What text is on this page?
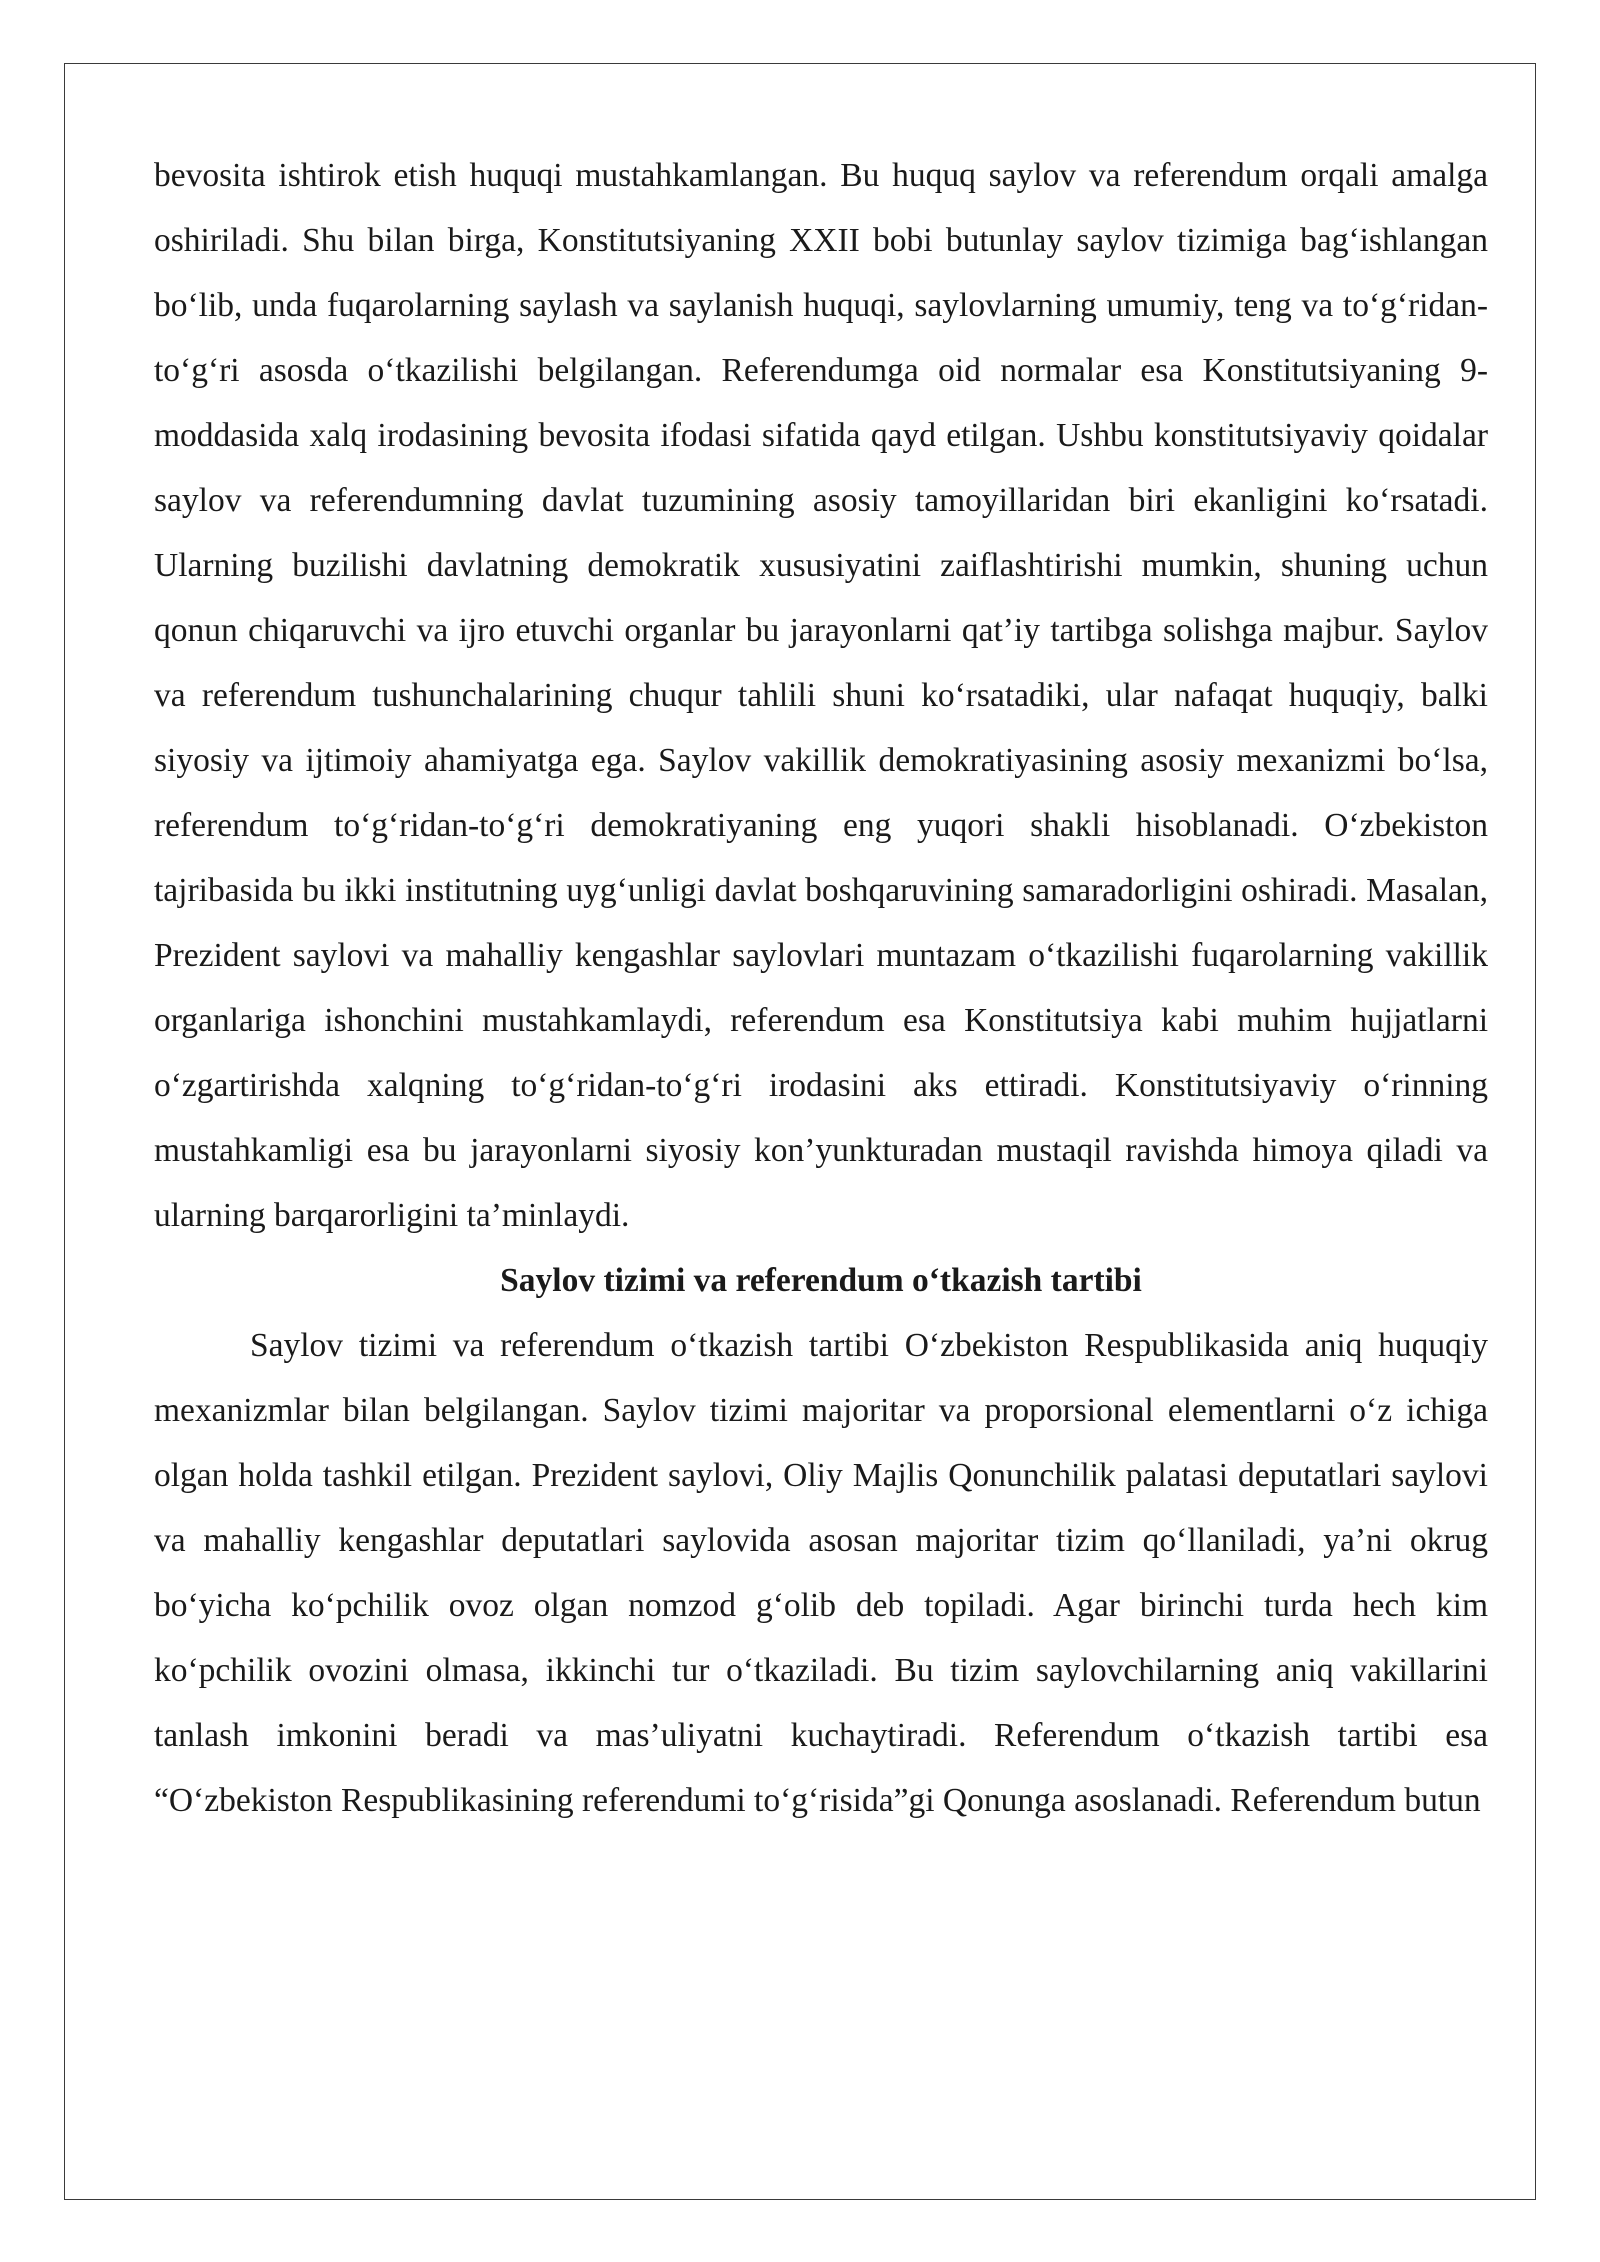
bevosita ishtirok etish huquqi mustahkamlangan. Bu huquq saylov va referendum orqali amalga oshiriladi. Shu bilan birga, Konstitutsiyaning XXII bobi butunlay saylov tizimiga bag‘ishlangan bo‘lib, unda fuqarolarning saylash va saylanish huquqi, saylovlarning umumiy, teng va to‘g‘ridan-to‘g‘ri asosda o‘tkazilishi belgilangan. Referendumga oid normalar esa Konstitutsiyaning 9-moddasida xalq irodasining bevosita ifodasi sifatida qayd etilgan. Ushbu konstitutsiyaviy qoidalar saylov va referendumning davlat tuzumining asosiy tamoyillaridan biri ekanligini ko‘rsatadi. Ularning buzilishi davlatning demokratik xususiyatini zaiflashtirishi mumkin, shuning uchun qonun chiqaruvchi va ijro etuvchi organlar bu jarayonlarni qat’iy tartibga solishga majbur. Saylov va referendum tushunchalarining chuqur tahlili shuni ko‘rsatadiki, ular nafaqat huquqiy, balki siyosiy va ijtimoiy ahamiyatga ega. Saylov vakillik demokratiyasining asosiy mexanizmi bo‘lsa, referendum to‘g‘ridan-to‘g‘ri demokratiyaning eng yuqori shakli hisoblanadi. O‘zbekiston tajribasida bu ikki institutning uyg‘unligi davlat boshqaruvining samaradorligini oshiradi. Masalan, Prezident saylovi va mahalliy kengashlar saylovlari muntazam o‘tkazilishi fuqarolarning vakillik organlariga ishonchini mustahkamlaydi, referendum esa Konstitutsiya kabi muhim hujjatlarni o‘zgartirishda xalqning to‘g‘ridan-to‘g‘ri irodasini aks ettiradi. Konstitutsiyaviy o‘rinning mustahkamligi esa bu jarayonlarni siyosiy kon’yunkturadan mustaqil ravishda himoya qiladi va ularning barqarorligini ta’minlaydi.

Saylov tizimi va referendum o‘tkazish tartibi

Saylov tizimi va referendum o‘tkazish tartibi O‘zbekiston Respublikasida aniq huquqiy mexanizmlar bilan belgilangan. Saylov tizimi majoritar va proporsional elementlarni o‘z ichiga olgan holda tashkil etilgan. Prezident saylovi, Oliy Majlis Qonunchilik palatasi deputatlari saylovi va mahalliy kengashlar deputatlari saylovida asosan majoritar tizim qo‘llaniladi, ya’ni okrug bo‘yicha ko‘pchilik ovoz olgan nomzod g‘olib deb topiladi. Agar birinchi turda hech kim ko‘pchilik ovozini olmasa, ikkinchi tur o‘tkaziladi. Bu tizim saylovchilarning aniq vakillarini tanlash imkonini beradi va mas’uliyatni kuchaytiradi. Referendum o‘tkazish tartibi esa “O‘zbekiston Respublikasining referendumi to‘g‘risida”gi Qonunga asoslanadi. Referendum butun
